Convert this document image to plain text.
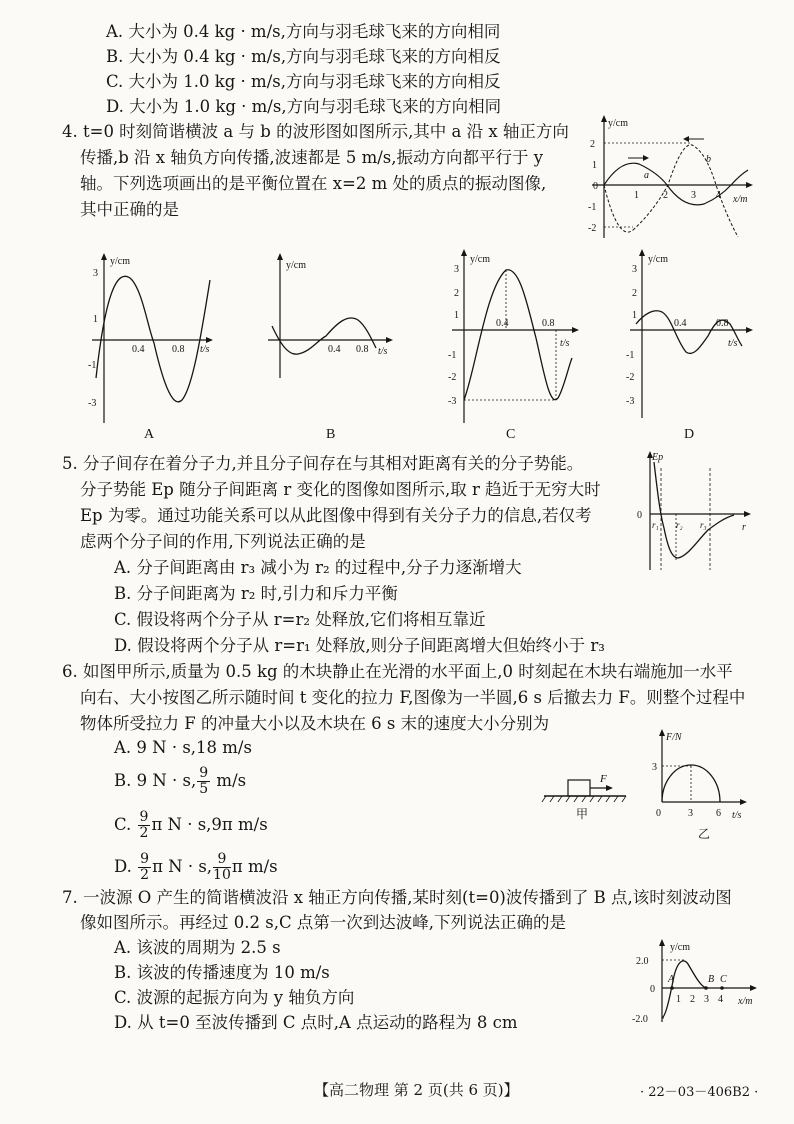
A. 大小为 0.4 kg · m/s,方向与羽毛球飞来的方向相同
B. 大小为 0.4 kg · m/s,方向与羽毛球飞来的方向相反
C. 大小为 1.0 kg · m/s,方向与羽毛球飞来的方向相反
D. 大小为 1.0 kg · m/s,方向与羽毛球飞来的方向相同
4. t=0 时刻简谐横波 a 与 b 的波形图如图所示,其中 a 沿 x 轴正方向
传播,b 沿 x 轴负方向传播,波速都是 5 m/s,振动方向都平行于 y
轴。下列选项画出的是平衡位置在 x=2 m 处的质点的振动图像,
其中正确的是
y/cm
x/m
2
1
0
-1
-2
1 2 3 4
a
b
y/cm
t/s
3
1
-1
-3
0.4	0.8
A
y/cm
t/s
0.4 0.8
B
y/cm
t/s
3
2
1
-1
-2
-3
0.4	0.8
C
y/cm
t/s
3
2
1
-1
-2
-3
0.4	0.8
D
5. 分子间存在着分子力,并且分子间存在与其相对距离有关的分子势能。
分子势能 Ep 随分子间距离 r 变化的图像如图所示,取 r 趋近于无穷大时
Ep 为零。通过功能关系可以从此图像中得到有关分子力的信息,若仅考
虑两个分子间的作用,下列说法正确的是
A. 分子间距离由 r₃ 减小为 r₂ 的过程中,分子力逐渐增大
B. 分子间距离为 r₂ 时,引力和斥力平衡
C. 假设将两个分子从 r=r₂ 处释放,它们将相互靠近
D. 假设将两个分子从 r=r₁ 处释放,则分子间距离增大但始终小于 r₃
Ep
r
0
r₁ r₂ r₃
6. 如图甲所示,质量为 0.5 kg 的木块静止在光滑的水平面上,0 时刻起在木块右端施加一水平
向右、大小按图乙所示随时间 t 变化的拉力 F,图像为一半圆,6 s 后撤去力 F。则整个过程中
物体所受拉力 F 的冲量大小以及木块在 6 s 末的速度大小分别为
A. 9 N · s,18 m/s
B. 9 N · s, $\frac{9}{5} m/s$
C. $\frac{9}{2}$ π N · s,9π m/s
D. $\frac{9}{2}$ π N · s, $\frac{9}{10}$ π m/s
F
甲
F/N
t/s
0
3
3 6
乙
7. 一波源 O 产生的简谐横波沿 x 轴正方向传播,某时刻(t=0)波传播到了 B 点,该时刻波动图
像如图所示。再经过 0.2 s,C 点第一次到达波峰,下列说法正确的是
A. 该波的周期为 2.5 s
B. 该波的传播速度为 10 m/s
C. 波源的起振方向为 y 轴负方向
D. 从 t=0 至波传播到 C 点时,A 点运动的路程为 8 cm
y/cm
x/m
2.0
0
-2.0
1 2 3 4
A	B C
【高二物理 第 2 页(共 6 页)】	· 22－03－406B2 ·
